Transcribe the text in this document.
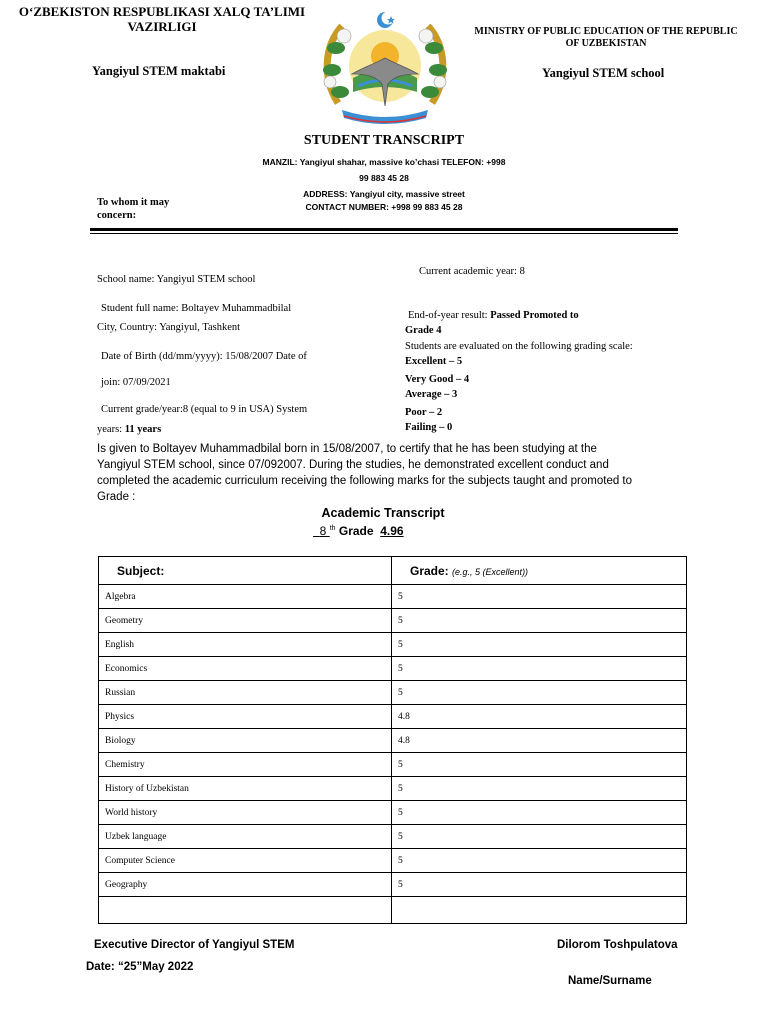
O‘ZBEKISTON RESPUBLIKASI XALQ TA’LIMI
VAZIRLIGI
Yangiyul STEM maktabi
MINISTRY OF PUBLIC EDUCATION OF THE REPUBLIC
OF UZBEKISTAN
Yangiyul STEM school
STUDENT TRANSCRIPT
MANZIL: Yangiyul shahar, massive ko’chasi TELEFON: +998
99 883 45 28
ADDRESS: Yangiyul city, massive street
CONTACT NUMBER: +998 99 883 45 28
To whom it may
concern:
School name: Yangiyul STEM school
Student full name: Boltayev Muhammadbilal
City, Country: Yangiyul, Tashkent
Date of Birth (dd/mm/yyyy): 15/08/2007 Date of
join: 07/09/2021
Current grade/year:8 (equal to 9 in USA) System
years: 11 years
Current academic year: 8
End-of-year result: Passed Promoted to
Grade 4
Students are evaluated on the following grading scale:
Excellent – 5
Very Good – 4
Average – 3
Poor – 2
Failing – 0
Is given to Boltayev Muhammadbilal born in 15/08/2007, to certify that he has been studying at the
Yangiyul STEM school, since 07/092007. During the studies, he demonstrated excellent conduct and
completed the academic curriculum receiving the following marks for the subjects taught and promoted to
Grade :
Academic Transcript
8 $^{th}$ Grade  4.96
Subject:	Grade: (e.g., 5 (Excellent))
Algebra	5
Geometry	5
English	5
Economics	5
Russian	5
Physics	4.8
Biology	4.8
Chemistry	5
History of Uzbekistan	5
World history	5
Uzbek language	5
Computer Science	5
Geography	5

Executive Director of Yangiyul STEM
Date: “25”May 2022
Dilorom Toshpulatova
Name/Surname
